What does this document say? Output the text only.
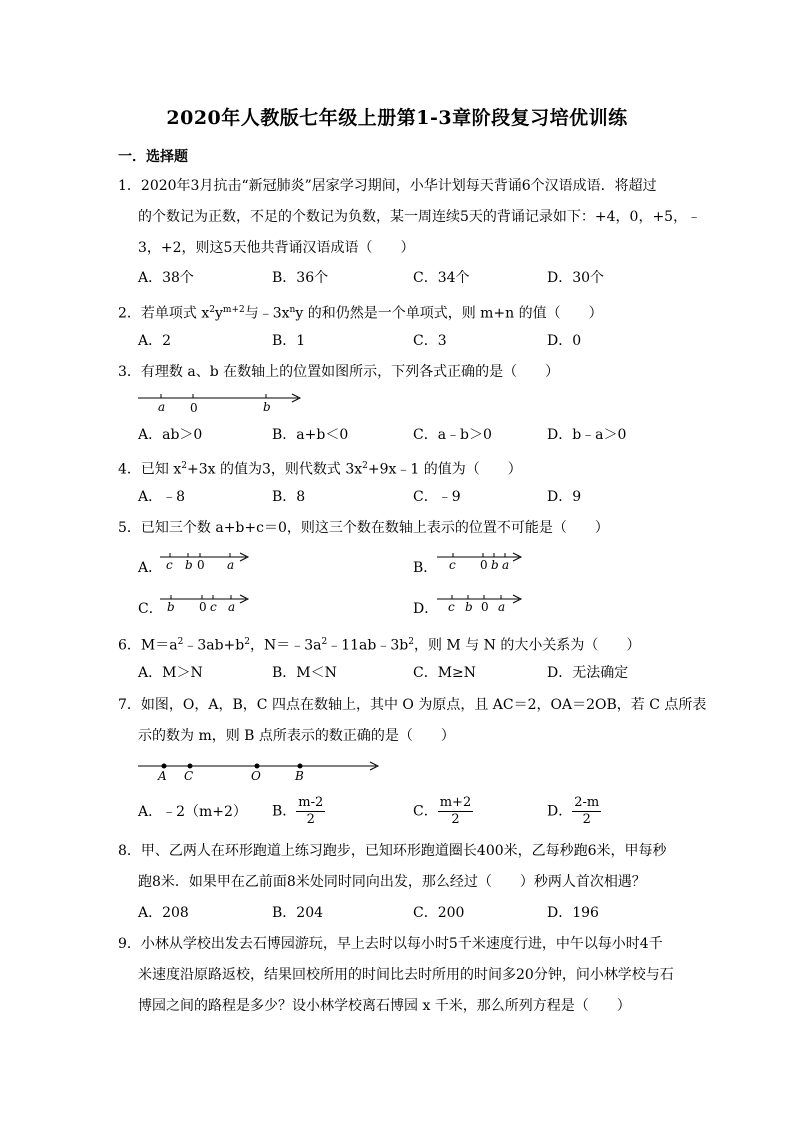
2020年人教版七年级上册第1-3章阶段复习培优训练
一．选择题
1．2020年3月抗击“新冠肺炎”居家学习期间，小华计划每天背诵6个汉语成语．将超过
的个数记为正数，不足的个数记为负数，某一周连续5天的背诵记录如下：+4，0，+5，﹣
3，+2，则这5天他共背诵汉语成语（　　）
A．38个	B．36个	C．34个	D．30个
2．若单项式 $x^2y^{m+2}$与$﹣3x^ny$ 的和仍然是一个单项式，则 m+n 的值（　　）
A．2	B．1	C．3	D．0
3．有理数 a、b 在数轴上的位置如图所示，下列各式正确的是（　　）
a 0	b
A．ab＞0	B．a+b＜0	C．a﹣b＞0	D．b﹣a＞0
4．已知 $x^2+3x$ 的值为3，则代数式 $3x^2+9x﹣1$ 的值为（　　）
A．﹣8	B．8	C．﹣9	D．9
5．已知三个数 a+b+c＝0，则这三个数在数轴上表示的位置不可能是（　　）
A． c b 0 a	B． c 0 b a
C． b 0 c a	D． c b 0 a
6．$M=a^2﹣3ab+b^2$，$N=﹣3a^2﹣11ab﹣3b^2$，则 M 与 N 的大小关系为（　　）
A．M＞N	B．M＜N	C．M≥N	D．无法确定
7．如图，O，A，B，C 四点在数轴上，其中 O 为原点，且 AC＝2，OA＝2OB，若 C 点所表
示的数为 m，则 B 点所表示的数正确的是（　　）
A C	O	B
A．﹣2（m+2） B． $\frac{m-2}{2}$	C． $\frac{m+2}{2}$	D． $\frac{2-m}{2}$
8．甲、乙两人在环形跑道上练习跑步，已知环形跑道圈长400米，乙每秒跑6米，甲每秒
跑8米．如果甲在乙前面8米处同时同向出发，那么经过（　　）秒两人首次相遇？
A．208	B．204	C．200	D．196
9．小林从学校出发去石博园游玩，早上去时以每小时5千米速度行进，中午以每小时4千
米速度沿原路返校，结果回校所用的时间比去时所用的时间多20分钟，问小林学校与石
博园之间的路程是多少？设小林学校离石博园 x 千米，那么所列方程是（　　）
